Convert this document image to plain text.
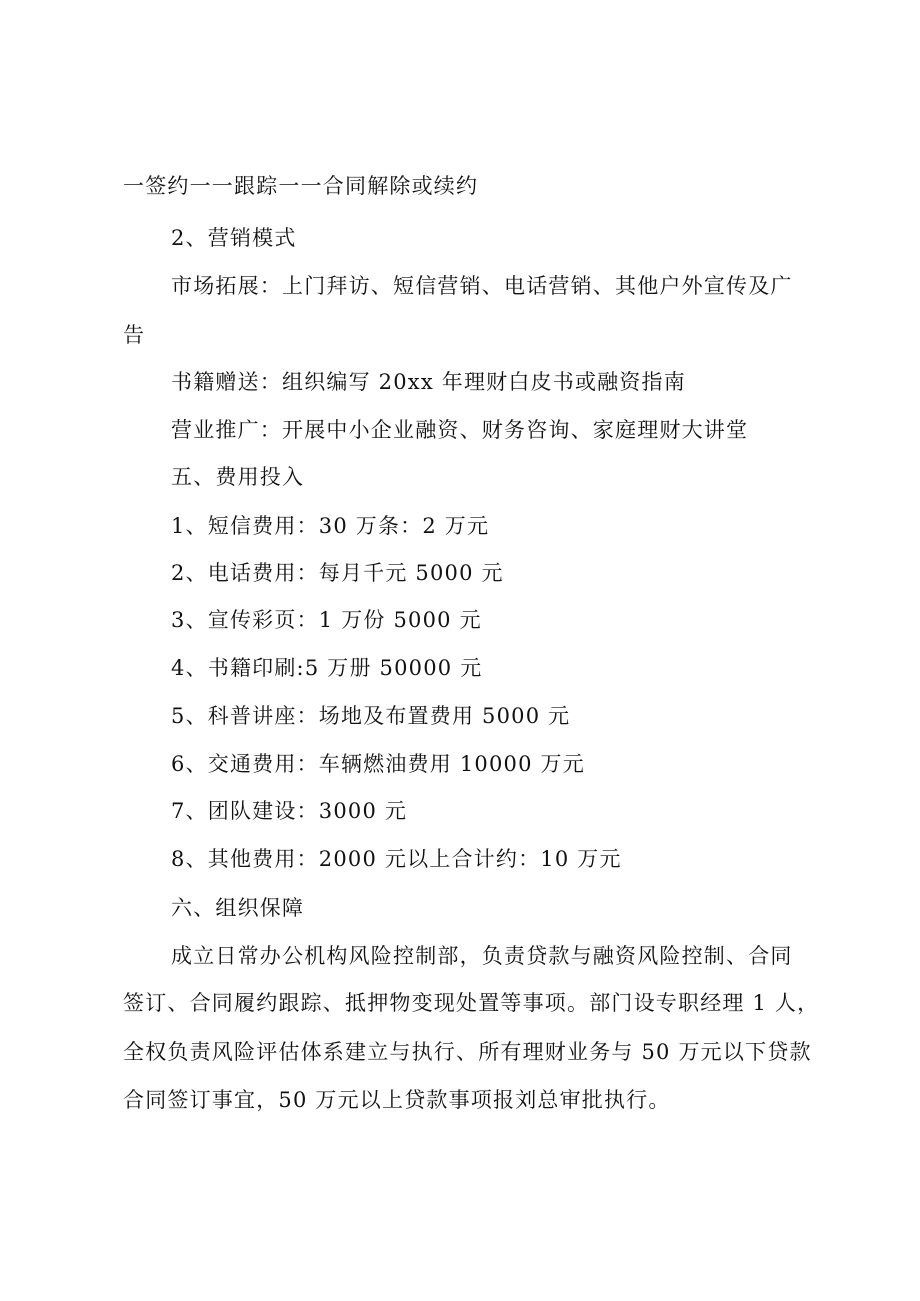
一签约一一跟踪一一合同解除或续约
2、营销模式
市场拓展：上门拜访、短信营销、电话营销、其他户外宣传及广
告
书籍赠送：组织编写 20xx 年理财白皮书或融资指南
营业推广：开展中小企业融资、财务咨询、家庭理财大讲堂
五、费用投入
1、短信费用：30 万条：2 万元
2、电话费用：每月千元 5000 元
3、宣传彩页：1 万份 5000 元
4、书籍印刷:5 万册 50000 元
5、科普讲座：场地及布置费用 5000 元
6、交通费用：车辆燃油费用 10000 万元
7、团队建设：3000 元
8、其他费用：2000 元以上合计约：10 万元
六、组织保障
成立日常办公机构风险控制部，负责贷款与融资风险控制、合同
签订、合同履约跟踪、抵押物变现处置等事项。部门设专职经理 1 人，
全权负责风险评估体系建立与执行、所有理财业务与 50 万元以下贷款
合同签订事宜，50 万元以上贷款事项报刘总审批执行。
